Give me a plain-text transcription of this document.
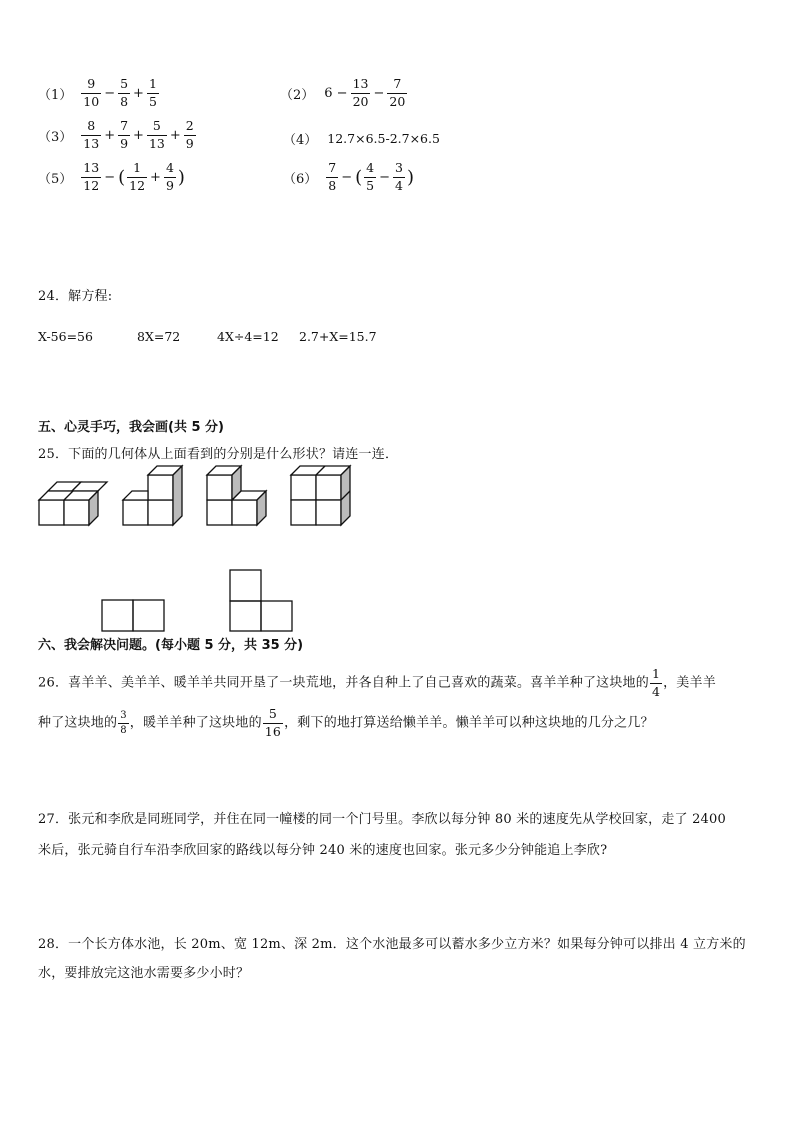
$(1) \frac{9}{10} - \frac{5}{8} + \frac{1}{5}$	（2） $6 - \frac{13}{20} - \frac{7}{20}$
$(3) \frac{8}{13} + \frac{7}{9} + \frac{5}{13} + \frac{2}{9}$	（4） 12.7×6.5-2.7×6.5
$(5) \frac{13}{12}$ − ( $\frac{1}{12} + \frac{4}{9}$ )	$(6) \frac{7}{8}$ − ( $\frac{4}{5} - \frac{3}{4}$ )
24．解方程:
X-56=56	8X=72	4X÷4=12 2.7+X=15.7
五、心灵手巧，我会画(共 5 分)
25．下面的几何体从上面看到的分别是什么形状？请连一连．
六、我会解决问题。(每小题 5 分，共 35 分)
26．喜羊羊、美羊羊、暖羊羊共同开垦了一块荒地，并各自种上了自己喜欢的蔬菜。喜羊羊种了这块地的 $\frac{1}{4}$ ，美羊羊
种了这块地的 $\frac{3}{8}$ ，暖羊羊种了这块地的 $\frac{5}{16}$ ，剩下的地打算送给懒羊羊。懒羊羊可以种这块地的几分之几？
27．张元和李欣是同班同学，并住在同一幢楼的同一个门号里。李欣以每分钟 80 米的速度先从学校回家，走了 2400
米后，张元骑自行车沿李欣回家的路线以每分钟 240 米的速度也回家。张元多少分钟能追上李欣?
28．一个长方体水池，长 20m、宽 12m、深 2m．这个水池最多可以蓄水多少立方米？如果每分钟可以排出 4 立方米的
水，要排放完这池水需要多少小时？
